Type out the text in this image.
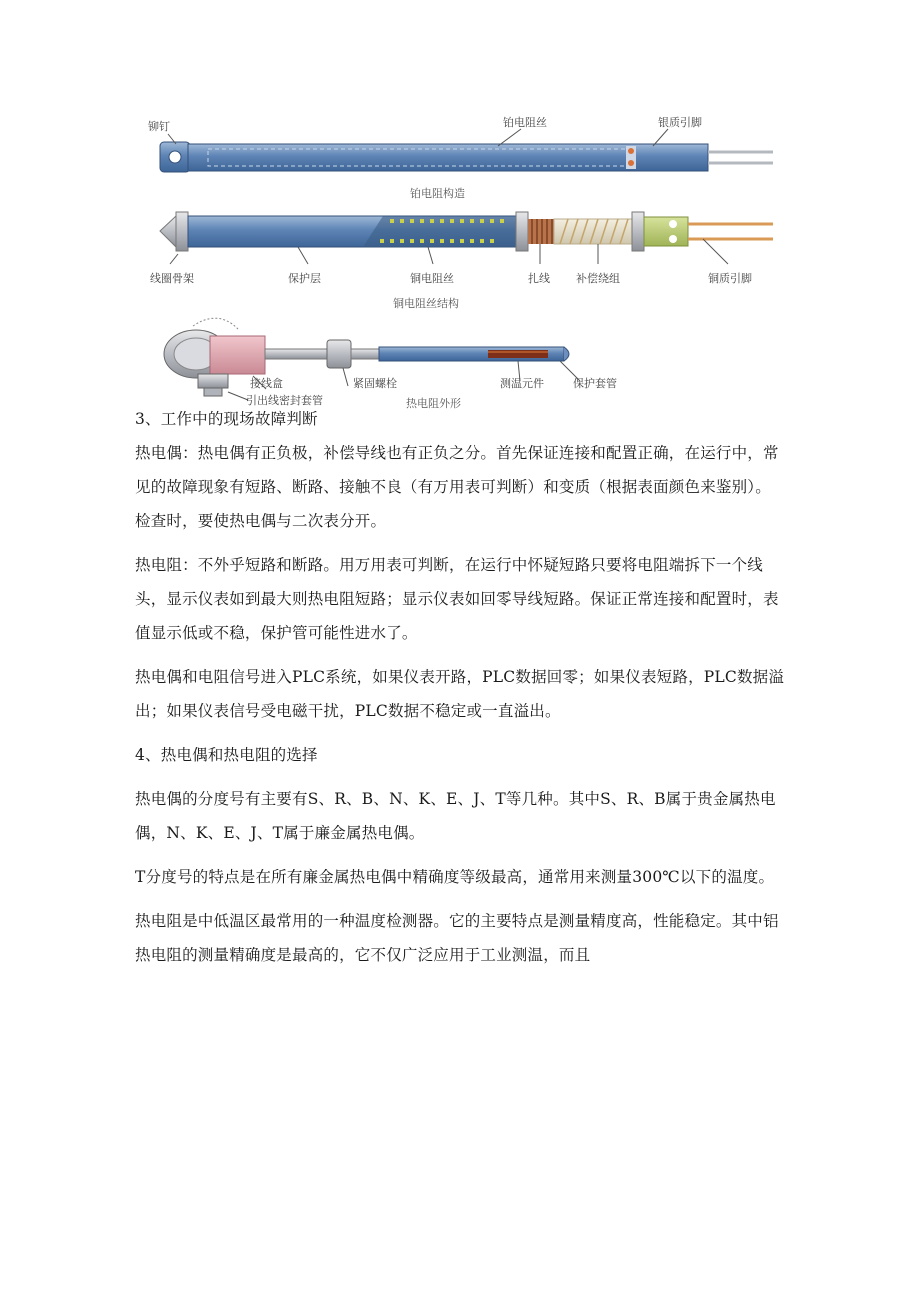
铆钉	铂电阻丝	银质引脚
铂电阻构造
线圈骨架	保护层	铜电阻丝	扎线 补偿绕组	铜质引脚
铜电阻丝结构
接线盒
引出线密封套管
紧固螺栓	测温元件	保护套管
热电阻外形

3、工作中的现场故障判断

热电偶：热电偶有正负极，补偿导线也有正负之分。首先保证连接和配置正确，在运行中，常见的故障现象有短路、断路、接触不良（有万用表可判断）和变质（根据表面颜色来鉴别）。检查时，要使热电偶与二次表分开。

热电阻：不外乎短路和断路。用万用表可判断，在运行中怀疑短路只要将电阻端拆下一个线头，显示仪表如到最大则热电阻短路；显示仪表如回零导线短路。保证正常连接和配置时，表值显示低或不稳，保护管可能性进水了。

热电偶和电阻信号进入PLC系统，如果仪表开路，PLC数据回零；如果仪表短路，PLC数据溢出；如果仪表信号受电磁干扰，PLC数据不稳定或一直溢出。

4、热电偶和热电阻的选择

热电偶的分度号有主要有S、R、B、N、K、E、J、T等几种。其中S、R、B属于贵金属热电偶，N、K、E、J、T属于廉金属热电偶。

T分度号的特点是在所有廉金属热电偶中精确度等级最高，通常用来测量300℃以下的温度。

热电阻是中低温区最常用的一种温度检测器。它的主要特点是测量精度高，性能稳定。其中铝热电阻的测量精确度是最高的，它不仅广泛应用于工业测温，而且
